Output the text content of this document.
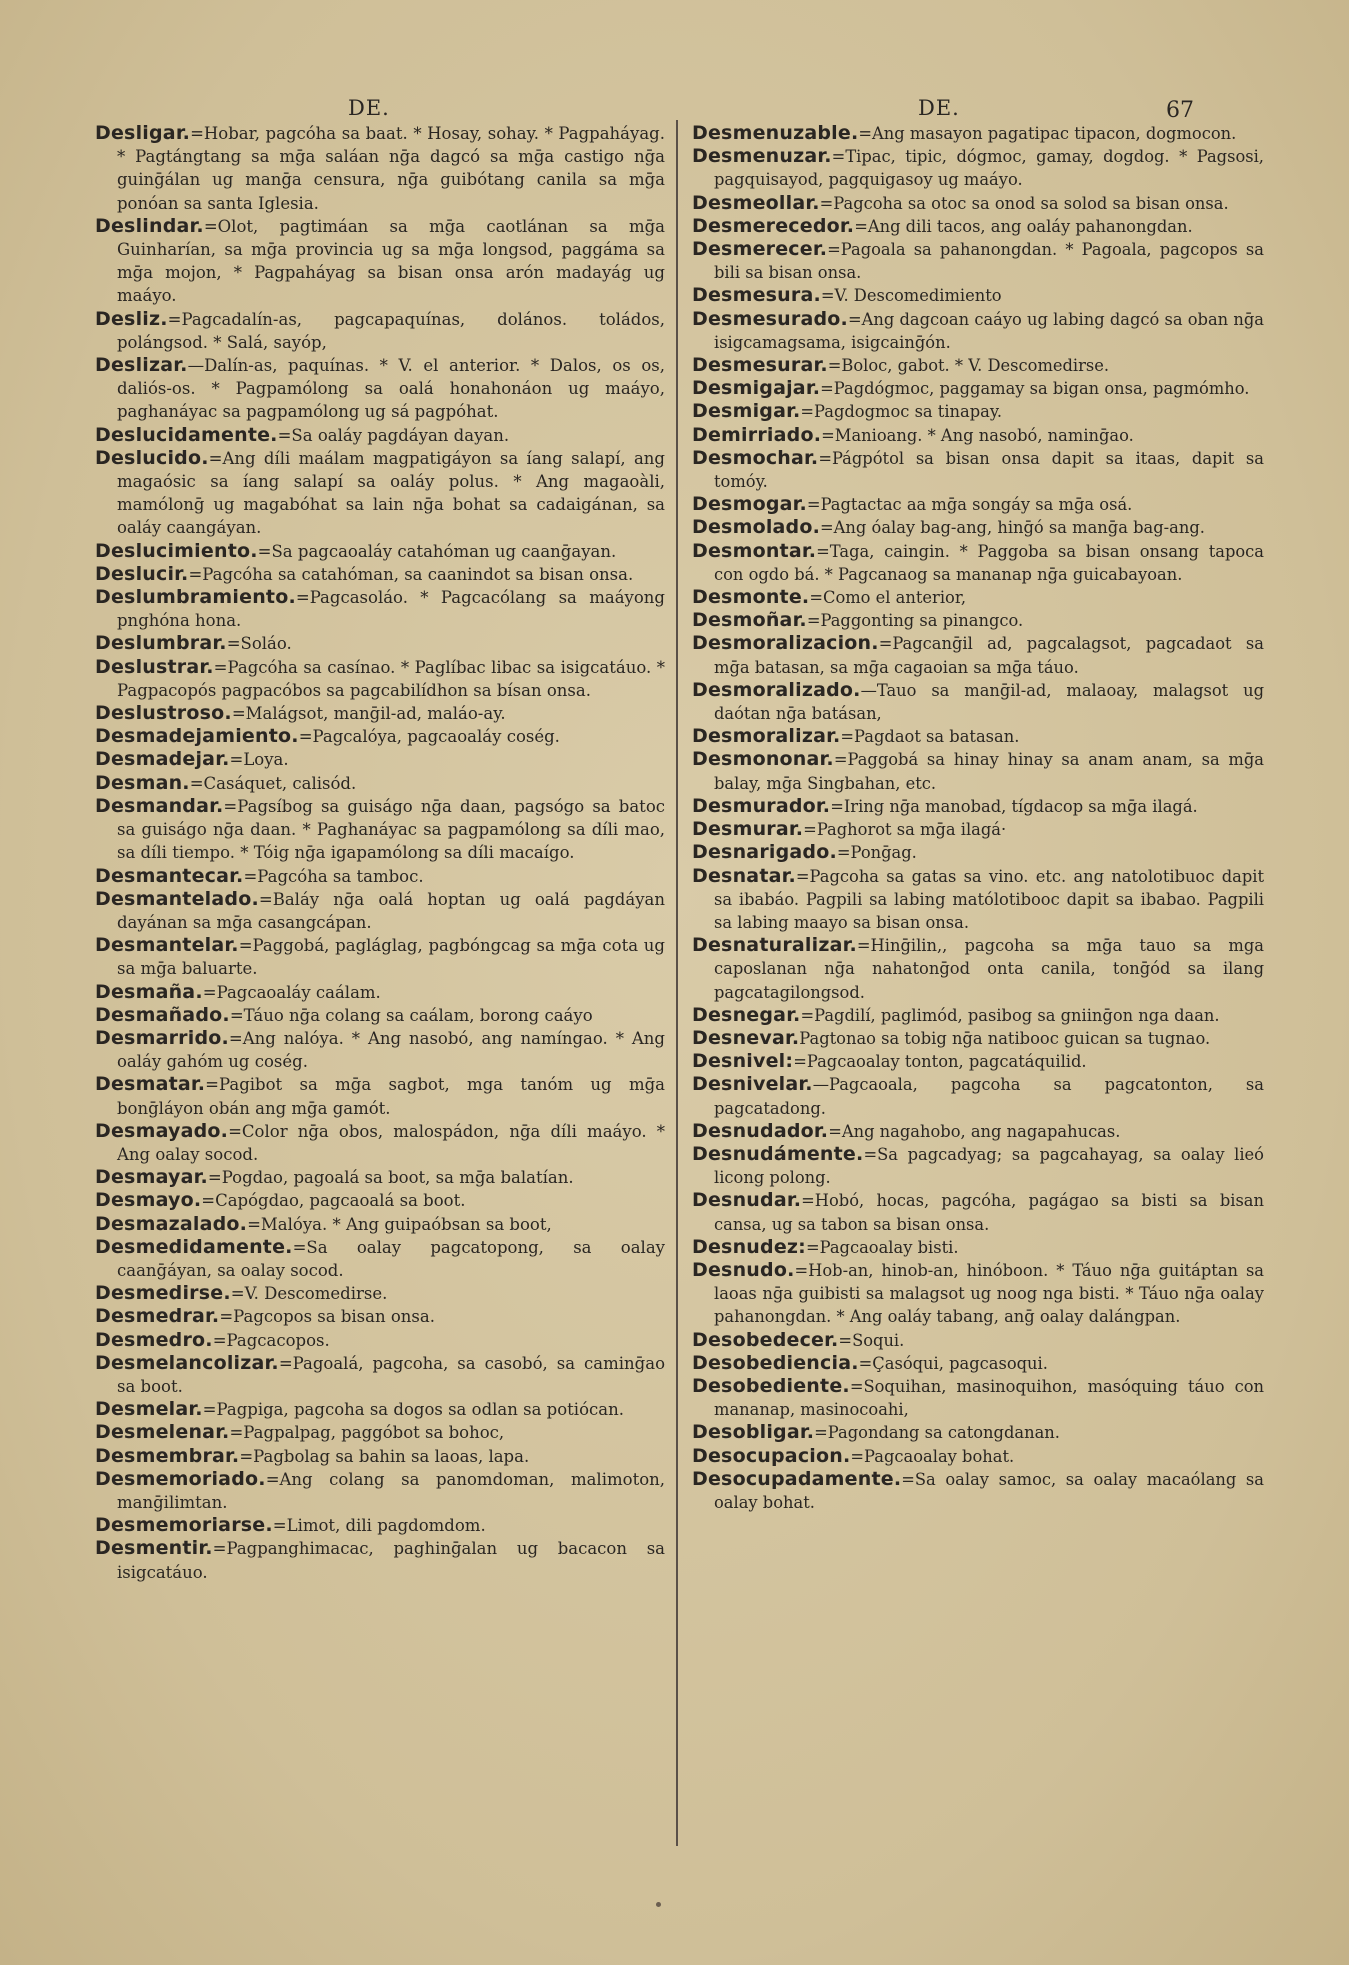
DE.	DE.	67
Desligar.=Hobar, pagcóha sa baat. * Hosay, sohay. * Pagpaháyag. * Pagtángtang sa mḡa saláan nḡa dagcó sa mḡa castigo nḡa guinḡálan ug manḡa censura, nḡa guibótang canila sa mḡa ponóan sa santa Iglesia.
Deslindar.=Olot, pagtimáan sa mḡa caotlánan sa mḡa Guinharían, sa mḡa provincia ug sa mḡa longsod, paggáma sa mḡa mojon, * Pagpaháyag sa bisan onsa arón madayág ug maáyo.
Desliz.=Pagcadalín-as, pagcapaquínas, dolános. toládos, polángsod. * Salá, sayóp,
Deslizar.—Dalín-as, paquínas. * V. el anterior. * Dalos, os os, daliós-os. * Pagpamólong sa oalá honahonáon ug maáyo, paghanáyac sa pagpamólong ug sá pagpóhat.
Deslucidamente.=Sa oaláy pagdáyan dayan.
Deslucido.=Ang díli maálam magpatigáyon sa íang salapí, ang magaósic sa íang salapí sa oaláy polus. * Ang magaoàli, mamólonḡ ug magabóhat sa lain nḡa bohat sa cadaigánan, sa oaláy caangáyan.
Deslucimiento.=Sa pagcaoaláy catahóman ug caanḡayan.
Deslucir.=Pagcóha sa catahóman, sa caanindot sa bisan onsa.
Deslumbramiento.=Pagcasoláo. * Pagcacólang sa maáyong pnghóna hona.
Deslumbrar.=Soláo.
Deslustrar.=Pagcóha sa casínao. * Paglíbac libac sa isigcatáuo. * Pagpacopós pagpacóbos sa pagcabilídhon sa bísan onsa.
Deslustroso.=Malágsot, manḡil-ad, maláo-ay.
Desmadejamiento.=Pagcalóya, pagcaoaláy coség.
Desmadejar.=Loya.
Desman.=Casáquet, calisód.
Desmandar.=Pagsíbog sa guiságo nḡa daan, pagsógo sa batoc sa guiságo nḡa daan. * Paghanáyac sa pagpamólong sa díli mao, sa díli tiempo. * Tóig nḡa igapamólong sa díli macaígo.
Desmantecar.=Pagcóha sa tamboc.
Desmantelado.=Baláy nḡa oalá hoptan ug oalá pagdáyan dayánan sa mḡa casangcápan.
Desmantelar.=Paggobá, pagláglag, pagbóngcag sa mḡa cota ug sa mḡa baluarte.
Desmaña.=Pagcaoaláy caálam.
Desmañado.=Táuo nḡa colang sa caálam, borong caáyo
Desmarrido.=Ang nalóya. * Ang nasobó, ang namíngao. * Ang oaláy gahóm ug coség.
Desmatar.=Pagibot sa mḡa sagbot, mga tanóm ug mḡa bonḡláyon obán ang mḡa gamót.
Desmayado.=Color nḡa obos, malospádon, nḡa díli maáyo. * Ang oalay socod.
Desmayar.=Pogdao, pagoalá sa boot, sa mḡa balatían.
Desmayo.=Capógdao, pagcaoalá sa boot.
Desmazalado.=Malóya. * Ang guipaóbsan sa boot,
Desmedidamente.=Sa oalay pagcatopong, sa oalay caanḡáyan, sa oalay socod.
Desmedirse.=V. Descomedirse.
Desmedrar.=Pagcopos sa bisan onsa.
Desmedro.=Pagcacopos.
Desmelancolizar.=Pagoalá, pagcoha, sa casobó, sa caminḡao sa boot.
Desmelar.=Pagpiga, pagcoha sa dogos sa odlan sa potiócan.
Desmelenar.=Pagpalpag, paggóbot sa bohoc,
Desmembrar.=Pagbolag sa bahin sa laoas, lapa.
Desmemoriado.=Ang colang sa panomdoman, malimoton, manḡilimtan.
Desmemoriarse.=Limot, dili pagdomdom.
Desmentir.=Pagpanghimacac, paghinḡalan ug bacacon sa isigcatáuo.
Desmenuzable.=Ang masayon pagatipac tipacon, dogmocon.
Desmenuzar.=Tipac, tipic, dógmoc, gamay, dogdog. * Pagsosi, pagquisayod, pagquigasoy ug maáyo.
Desmeollar.=Pagcoha sa otoc sa onod sa solod sa bisan onsa.
Desmerecedor.=Ang dili tacos, ang oaláy pahanongdan.
Desmerecer.=Pagoala sa pahanongdan. * Pagoala, pagcopos sa bili sa bisan onsa.
Desmesura.=V. Descomedimiento
Desmesurado.=Ang dagcoan caáyo ug labing dagcó sa oban nḡa isigcamagsama, isigcainḡón.
Desmesurar.=Boloc, gabot. * V. Descomedirse.
Desmigajar.=Pagdógmoc, paggamay sa bigan onsa, pagmómho.
Desmigar.=Pagdogmoc sa tinapay.
Demirriado.=Manioang. * Ang nasobó, naminḡao.
Desmochar.=Págpótol sa bisan onsa dapit sa itaas, dapit sa tomóy.
Desmogar.=Pagtactac aa mḡa songáy sa mḡa osá.
Desmolado.=Ang óalay bag-ang, hinḡó sa manḡa bag-ang.
Desmontar.=Taga, caingin. * Paggoba sa bisan onsang tapoca con ogdo bá. * Pagcanaog sa mananap nḡa guicabayoan.
Desmonte.=Como el anterior,
Desmoñar.=Paggonting sa pinangco.
Desmoralizacion.=Pagcanḡil ad, pagcalagsot, pagcadaot sa mḡa batasan, sa mḡa cagaoian sa mḡa táuo.
Desmoralizado.—Tauo sa manḡil-ad, malaoay, malagsot ug daótan nḡa batásan,
Desmoralizar.=Pagdaot sa batasan.
Desmononar.=Paggobá sa hinay hinay sa anam anam, sa mḡa balay, mḡa Singbahan, etc.
Desmurador.=Iring nḡa manobad, tígdacop sa mḡa ilagá.
Desmurar.=Paghorot sa mḡa ilagá·
Desnarigado.=Ponḡag.
Desnatar.=Pagcoha sa gatas sa vino. etc. ang natolotibuoc dapit sa ibabáo. Pagpili sa labing matólotibooc dapit sa ibabao. Pagpili sa labing maayo sa bisan onsa.
Desnaturalizar.=Hinḡilin,, pagcoha sa mḡa tauo sa mga caposlanan nḡa nahatonḡod onta canila, tonḡód sa ilang pagcatagilongsod.
Desnegar.=Pagdilí, paglimód, pasibog sa gniinḡon nga daan.
Desnevar.Pagtonao sa tobig nḡa natibooc guican sa tugnao.
Desnivel:=Pagcaoalay tonton, pagcatáquilid.
Desnivelar.—Pagcaoala, pagcoha sa pagcatonton, sa pagcatadong.
Desnudador.=Ang nagahobo, ang nagapahucas.
Desnudámente.=Sa pagcadyag; sa pagcahayag, sa oalay lieó licong polong.
Desnudar.=Hobó, hocas, pagcóha, pagágao sa bisti sa bisan cansa, ug sa tabon sa bisan onsa.
Desnudez:=Pagcaoalay bisti.
Desnudo.=Hob-an, hinob-an, hinóboon. * Táuo nḡa guitáptan sa laoas nḡa guibisti sa malagsot ug noog nga bisti. * Táuo nḡa oalay pahanongdan. * Ang oaláy tabang, anḡ oalay dalángpan.
Desobedecer.=Soqui.
Desobediencia.=Çasóqui, pagcasoqui.
Desobediente.=Soquihan, masinoquihon, masóquing táuo con mananap, masinocoahi,
Desobligar.=Pagondang sa catongdanan.
Desocupacion.=Pagcaoalay bohat.
Desocupadamente.=Sa oalay samoc, sa oalay macaólang sa oalay bohat.
